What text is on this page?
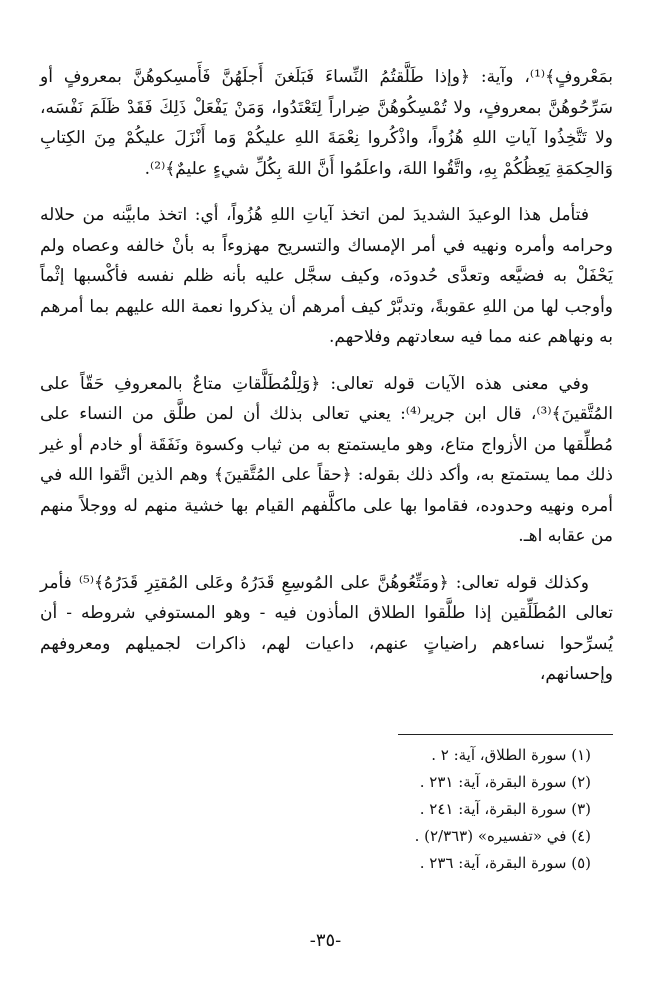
بمَعْروفٍ﴾⁽¹⁾، وآية: ﴿وإذا طَلَّقتُمُ النِّساءَ فَبَلَغنَ أَجلَهُنَّ فَأَمسِكوهُنَّ بمعروفٍ أو سَرِّحُوهُنَّ بمعروفٍ، ولا تُمْسِكُوهُنَّ ضِراراً لِتَعْتَدُوا، وَمَنْ يَفْعَلْ ذَلِكَ فَقَدْ ظَلَمَ نَفْسَه، ولا تَتَّخِذُوا آياتِ اللهِ هُزُواً، واذْكُروا نِعْمَةَ اللهِ عليكُمْ وَما أَنْزَلَ عليكُمْ مِنَ الكِتابِ وَالحِكمَةِ يَعِظُكُمْ بِهِ، واتَّقُوا اللهَ، واعلَمُوا أَنَّ اللهَ بِكُلِّ شيءٍ عليمٌ﴾⁽²⁾.

فتأمل هذا الوعيدَ الشديدَ لمن اتخذ آياتِ اللهِ هُزُواً، أي: اتخذ مابيَّنه من حلاله وحرامه وأمره ونهيه في أمر الإمساك والتسريح مهزوءاً به بأنْ خالفه وعصاه ولم يَحْفَلْ به فضيَّعه وتعدَّى حُدودَه، وكيف سجَّل عليه بأنه ظلم نفسه فأكْسبها إثْماً وأوجب لها من اللهِ عقوبةً، وتدبَّرْ كيف أمرهم أن يذكروا نعمة الله عليهم بما أمرهم به ونهاهم عنه مما فيه سعادتهم وفلاحهم.

وفي معنى هذه الآيات قوله تعالى: ﴿وَلِلْمُطَلَّقاتِ متاعٌ بالمعروفِ حَقّاً على المُتَّقينَ﴾⁽³⁾، قال ابن جرير⁽⁴⁾: يعني تعالى بذلك أن لمن طلَّق من النساء على مُطلِّقها من الأزواج متاع، وهو مايستمتع به من ثياب وكسوة ونَفَقَة أو خادم أو غير ذلك مما يستمتع به، وأكد ذلك بقوله: ﴿حقاً على المُتَّقينَ﴾ وهم الذين اتَّقوا الله في أمره ونهيه وحدوده، فقاموا بها على ماكلَّفهم القيام بها خشية منهم له ووجلاً منهم من عقابه اهـ.

وكذلك قوله تعالى: ﴿ومَتِّعُوهُنَّ على المُوسِعِ قَدَرُهُ وعَلى المُقتِرِ قَدَرُهُ﴾⁽⁵⁾ فأمر تعالى المُطَلِّقين إذا طلَّقوا الطلاق المأذون فيه - وهو المستوفي شروطه - أن يُسرِّحوا نساءهم راضياتٍ عنهم، داعيات لهم، ذاكرات لجميلهم ومعروفهم وإحسانهم،

(١) سورة الطلاق، آية: ٢ .
(٢) سورة البقرة، آية: ٢٣١ .
(٣) سورة البقرة، آية: ٢٤١ .
(٤) في «تفسيره» (٢/٣٦٣) .
(٥) سورة البقرة، آية: ٢٣٦ .
-٣٥-
